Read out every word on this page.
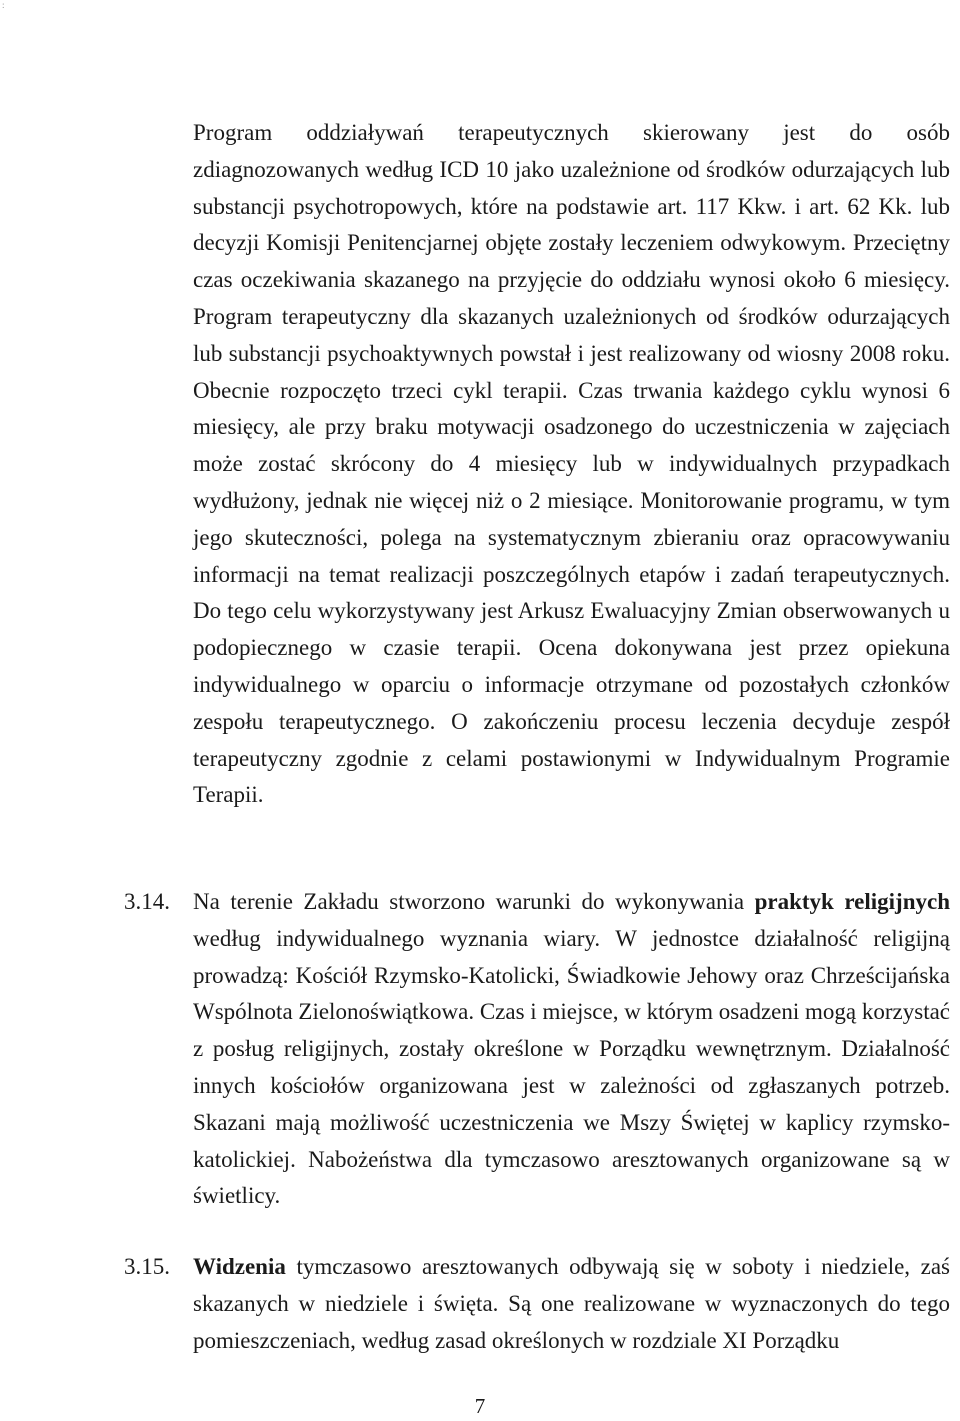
:

Program oddziaływań terapeutycznych skierowany jest do osób zdiagnozowanych według ICD 10 jako uzależnione od środków odurzających lub substancji psychotropowych, które na podstawie art. 117 Kkw. i art. 62 Kk. lub decyzji Komisji Penitencjarnej objęte zostały leczeniem odwykowym. Przeciętny czas oczekiwania skazanego na przyjęcie do oddziału wynosi około 6 miesięcy. Program terapeutyczny dla skazanych uzależnionych od środków odurzających lub substancji psychoaktywnych powstał i jest realizowany od wiosny 2008 roku. Obecnie rozpoczęto trzeci cykl terapii. Czas trwania każdego cyklu wynosi 6 miesięcy, ale przy braku motywacji osadzonego do uczestniczenia w zajęciach może zostać skrócony do 4 miesięcy lub w indywidualnych przypadkach wydłużony, jednak nie więcej niż o 2 miesiące. Monitorowanie programu, w tym jego skuteczności, polega na systematycznym zbieraniu oraz opracowywaniu informacji na temat realizacji poszczególnych etapów i zadań terapeutycznych. Do tego celu wykorzystywany jest Arkusz Ewaluacyjny Zmian obserwowanych u podopiecznego w czasie terapii. Ocena dokonywana jest przez opiekuna indywidualnego w oparciu o informacje otrzymane od pozostałych członków zespołu terapeutycznego. O zakończeniu procesu leczenia decyduje zespół terapeutyczny zgodnie z celami postawionymi w Indywidualnym Programie Terapii.

3.14. Na terenie Zakładu stworzono warunki do wykonywania praktyk religijnych według indywidualnego wyznania wiary. W jednostce działalność religijną prowadzą: Kościół Rzymsko-Katolicki, Świadkowie Jehowy oraz Chrześcijańska Wspólnota Zielonoświątkowa. Czas i miejsce, w którym osadzeni mogą korzystać z posług religijnych, zostały określone w Porządku wewnętrznym. Działalność innych kościołów organizowana jest w zależności od zgłaszanych potrzeb. Skazani mają możliwość uczestniczenia we Mszy Świętej w kaplicy rzymsko-katolickiej. Nabożeństwa dla tymczasowo aresztowanych organizowane są w świetlicy.

3.15. Widzenia tymczasowo aresztowanych odbywają się w soboty i niedziele, zaś skazanych w niedziele i święta. Są one realizowane w wyznaczonych do tego pomieszczeniach, według zasad określonych w rozdziale XI Porządku

7
